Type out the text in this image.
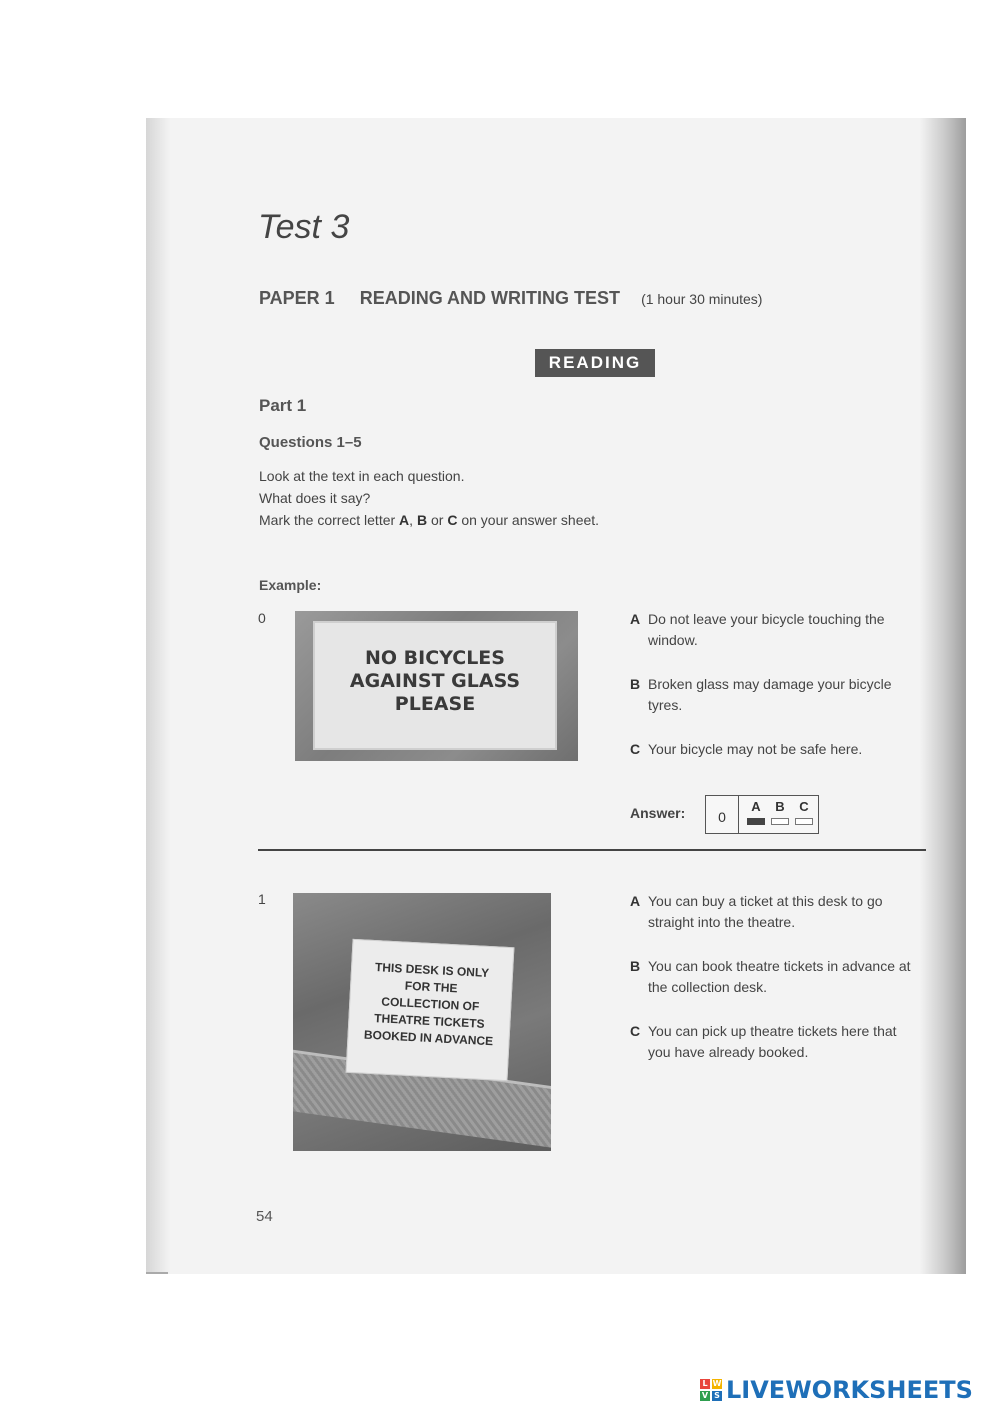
Test 3
PAPER 1 READING AND WRITING TEST (1 hour 30 minutes)
READING
Part 1
Questions 1–5
Look at the text in each question.
What does it say?
Mark the correct letter A, B or C on your answer sheet.
Example:
0
NO BICYCLES
AGAINST GLASS
PLEASE
A Do not leave your bicycle touching the window.
B Broken glass may damage your bicycle tyres.
C Your bicycle may not be safe here.
Answer:	0
A B C
1
THIS DESK IS ONLY
FOR THE
COLLECTION OF
THEATRE TICKETS
BOOKED IN ADVANCE
A You can buy a ticket at this desk to go straight into the theatre.
B You can book theatre tickets in advance at the collection desk.
C You can pick up theatre tickets here that you have already booked.
54
L W
V S LIVEWORKSHEETS
